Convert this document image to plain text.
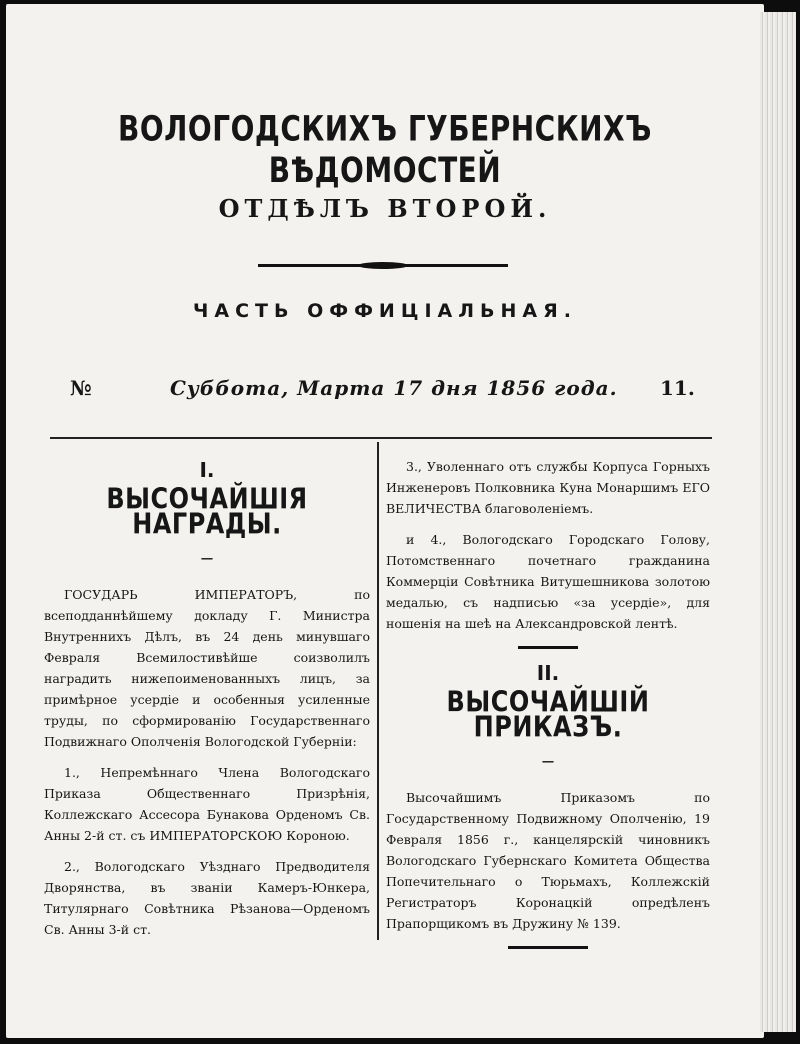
ВОЛОГОДСКИХЪ ГУБЕРНСКИХЪ ВѢДОМОСТЕЙ
ОТДѢЛЪ ВТОРОЙ.
ЧАСТЬ ОФФИЦІАЛЬНАЯ.
№	Суббота, Марта 17 дня 1856 года. 11.
I.
ВЫСОЧАЙШІЯ НАГРАДЫ.
—

ГОСУДАРЬ ИМПЕРАТОРЪ, по всеподданнѣйшему докладу Г. Министра Внутреннихъ Дѣлъ, въ 24 день минувшаго Февраля Всемилостивѣйше соизволилъ наградить нижепоименованныхъ лицъ, за примѣрное усердіе и особенныя усиленные труды, по сформированію Государственнаго Подвижнаго Ополченія Вологодской Губерніи:

1., Непремѣннаго Члена Вологодскаго Приказа Общественнаго Призрѣнія, Коллежскаго Ассесора Бунакова Орденомъ Св. Анны 2-й ст. съ ИМПЕРАТОРСКОЮ Короною.

2., Вологодскаго Уѣзднаго Предводителя Дворянства, въ званіи Камеръ-Юнкера, Титулярнаго Совѣтника Рѣзанова—Орденомъ Св. Анны 3-й ст.

3., Уволеннаго отъ службы Корпуса Горныхъ Инженеровъ Полковника Куна Монаршимъ ЕГО ВЕЛИЧЕСТВА благоволеніемъ.

и 4., Вологодскаго Городскаго Голову, Потомственнаго почетнаго гражданина Коммерціи Совѣтника Витушешникова золотою медалью, съ надписью «за усердіе», для ношенія на шеѣ на Александровской лентѣ.

II.
ВЫСОЧАЙШІЙ ПРИКАЗЪ.
—

Высочайшимъ Приказомъ по Государственному Подвижному Ополченію, 19 Февраля 1856 г., канцелярскій чиновникъ Вологодскаго Губернскаго Комитета Общества Попечительнаго о Тюрьмахъ, Коллежскій Регистраторъ Коронацкій опредѣленъ Прапорщикомъ въ Дружину № 139.
